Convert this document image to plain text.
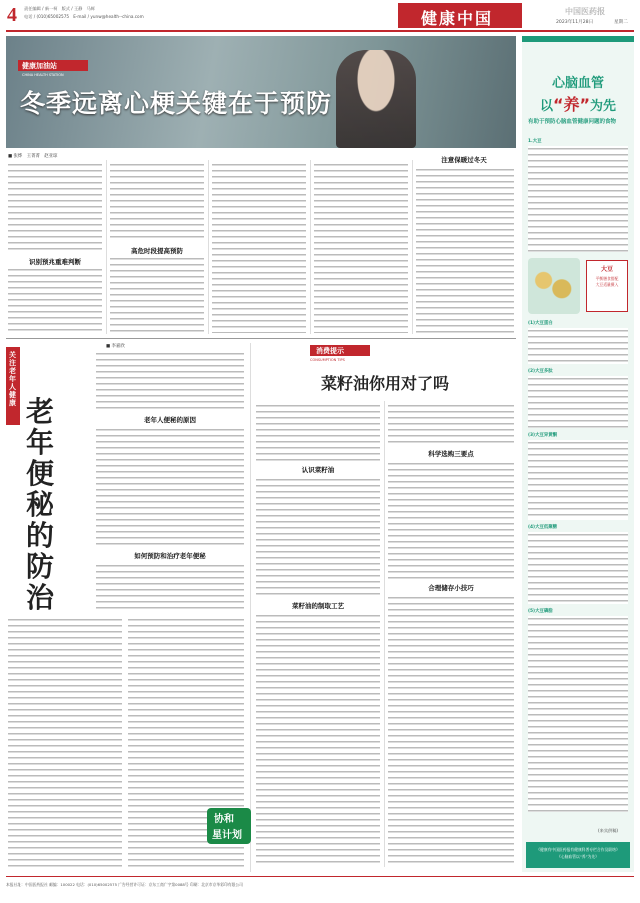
4 责任编辑 / 新一柯　版式 / 王静　马辉
电话 / (010)65002575　E-mail / yunw@health--china.com	健康中国	中国医药报
2023年11月28日	星期二
健康加油站
CHINA HEALTH STATION
冬季远离心梗关键在于预防
■ 张烨　王菁菁　赵亚琼
识别预兆重难判断
高危时段提高预防
注意保暖过冬天
关注老年人健康
■ 李嘉欣
老
年
便
秘
的
防
治
老年人便秘的原因
如何预防和治疗老年便秘
消费提示
CONSUMPTION TIPS
菜籽油你用对了吗
认识菜籽油
菜籽油的制取工艺
科学选购三要点
合理储存小技巧
协和
星计划
心脑血管
以“养”为先
有助于预防心脑血管健康问题的食物
1.大豆
大豆
平衡膳食搭配
大豆适量摄入
(1)大豆蛋白
(2)大豆多肽
(3)大豆异黄酮
(4)大豆低聚糖
(5)大豆磷脂
(来宾供稿)
《健康有中国医药报有健康科普专栏合作及联络》
《心脑血管以“养”为先》
本报社址：中国医药报社 邮编：100022 电话：(010)65002575 广告经营许可证：京东工商广字第0088号 印刷：北京市京华彩印有限公司
